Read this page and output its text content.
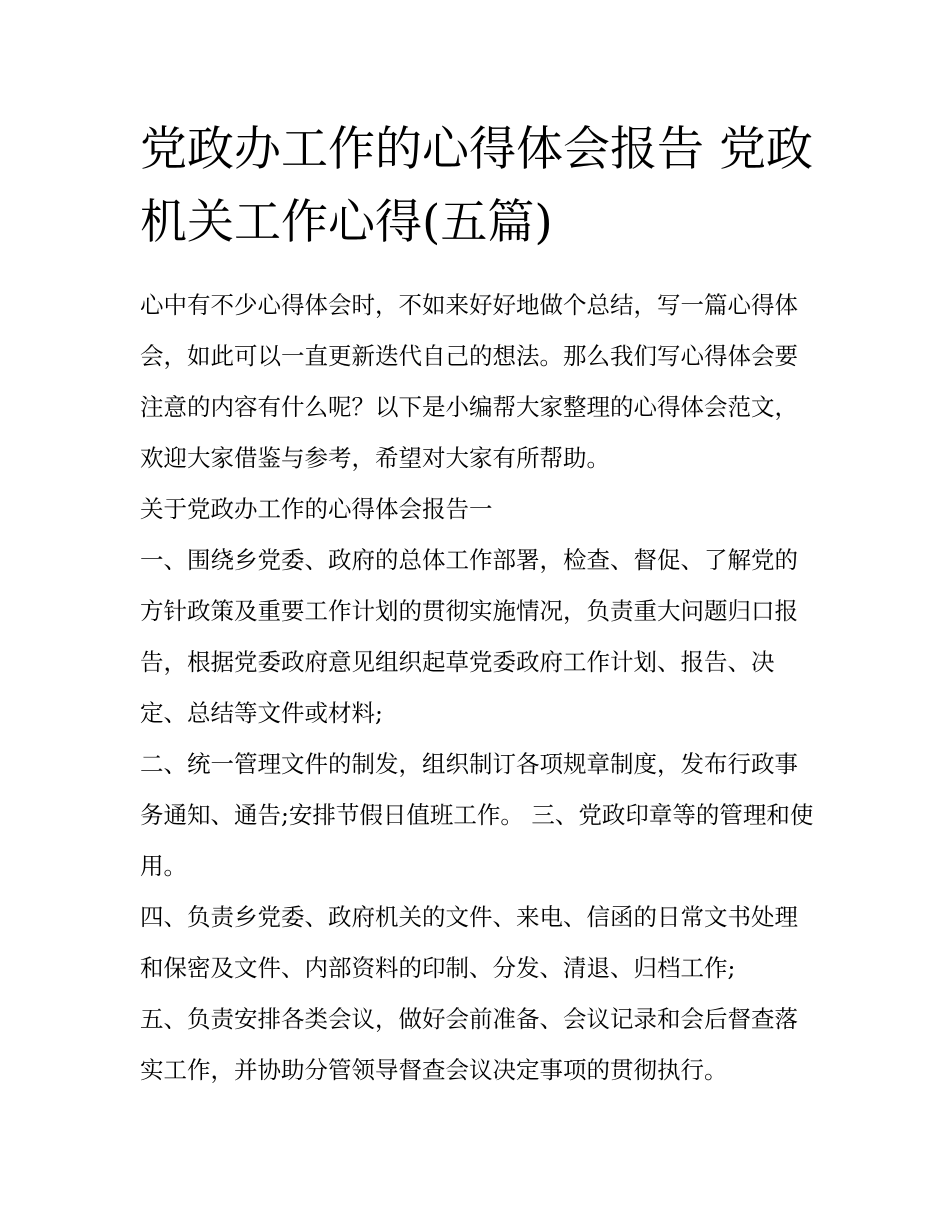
党政办工作的心得体会报告 党政机关工作心得(五篇)

心中有不少心得体会时，不如来好好地做个总结，写一篇心得体会，如此可以一直更新迭代自己的想法。那么我们写心得体会要注意的内容有什么呢？以下是小编帮大家整理的心得体会范文，欢迎大家借鉴与参考，希望对大家有所帮助。

关于党政办工作的心得体会报告一

一、围绕乡党委、政府的总体工作部署，检查、督促、了解党的方针政策及重要工作计划的贯彻实施情况，负责重大问题归口报告，根据党委政府意见组织起草党委政府工作计划、报告、决定、总结等文件或材料;

二、统一管理文件的制发，组织制订各项规章制度，发布行政事务通知、通告;安排节假日值班工作。 三、党政印章等的管理和使用。

四、负责乡党委、政府机关的文件、来电、信函的日常文书处理和保密及文件、内部资料的印制、分发、清退、归档工作;

五、负责安排各类会议，做好会前准备、会议记录和会后督查落实工作，并协助分管领导督查会议决定事项的贯彻执行。
